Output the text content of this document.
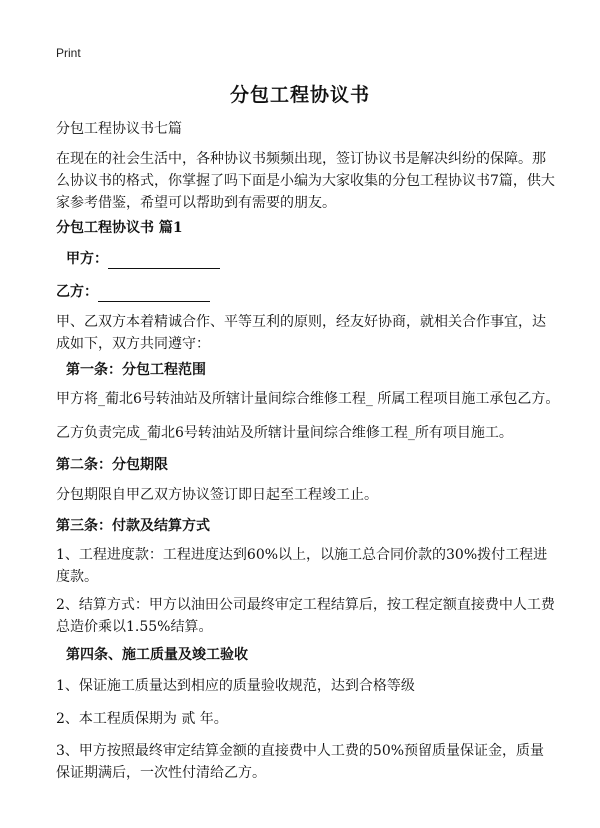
Print
分包工程协议书

分包工程协议书七篇

在现在的社会生活中，各种协议书频频出现，签订协议书是解决纠纷的保障。那么协议书的格式，你掌握了吗下面是小编为大家收集的分包工程协议书7篇，供大家参考借鉴，希望可以帮助到有需要的朋友。

分包工程协议书 篇1

甲方：

乙方：

甲、乙双方本着精诚合作、平等互利的原则，经友好协商，就相关合作事宜，达成如下，双方共同遵守：

第一条：分包工程范围

甲方将_葡北6号转油站及所辖计量间综合维修工程_ 所属工程项目施工承包乙方。

乙方负责完成_葡北6号转油站及所辖计量间综合维修工程_所有项目施工。

第二条：分包期限

分包期限自甲乙双方协议签订即日起至工程竣工止。

第三条：付款及结算方式

1、工程进度款：工程进度达到60%以上，以施工总合同价款的30%拨付工程进度款。

2、结算方式：甲方以油田公司最终审定工程结算后，按工程定额直接费中人工费总造价乘以1.55%结算。

第四条、施工质量及竣工验收

1、保证施工质量达到相应的质量验收规范，达到合格等级

2、本工程质保期为 贰 年。

3、甲方按照最终审定结算金额的直接费中人工费的50%预留质量保证金，质量保证期满后，一次性付清给乙方。
